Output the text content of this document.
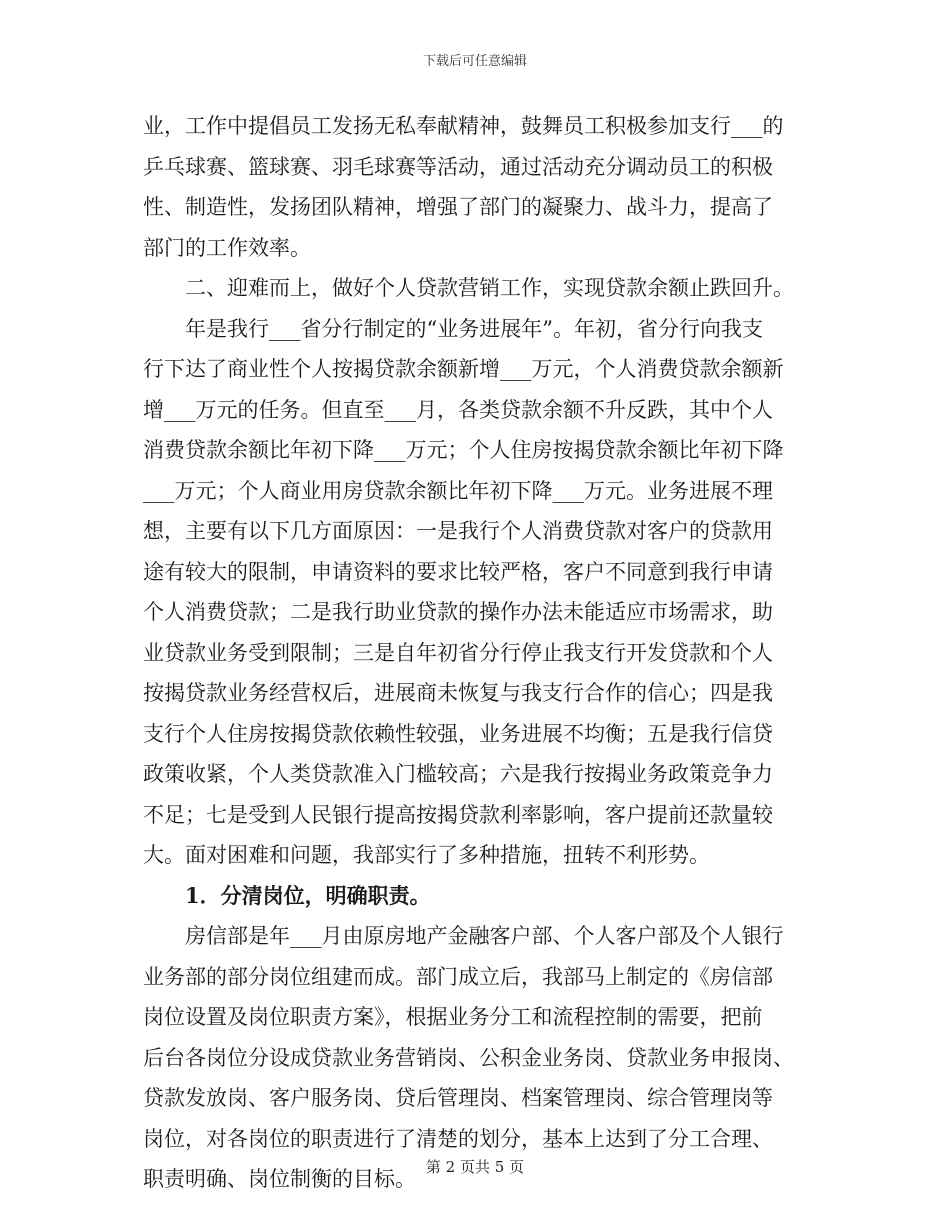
下载后可任意编辑
业，工作中提倡员工发扬无私奉献精神，鼓舞员工积极参加支行___的
乒乓球赛、篮球赛、羽毛球赛等活动，通过活动充分调动员工的积极
性、制造性，发扬团队精神，增强了部门的凝聚力、战斗力，提高了
部门的工作效率。
　　二、迎难而上，做好个人贷款营销工作，实现贷款余额止跌回升。
　　年是我行___省分行制定的“业务进展年”。年初，省分行向我支
行下达了商业性个人按揭贷款余额新增___万元，个人消费贷款余额新
增___万元的任务。但直至___月，各类贷款余额不升反跌，其中个人
消费贷款余额比年初下降___万元；个人住房按揭贷款余额比年初下降
___万元；个人商业用房贷款余额比年初下降___万元。业务进展不理
想，主要有以下几方面原因：一是我行个人消费贷款对客户的贷款用
途有较大的限制，申请资料的要求比较严格，客户不同意到我行申请
个人消费贷款；二是我行助业贷款的操作办法未能适应市场需求，助
业贷款业务受到限制；三是自年初省分行停止我支行开发贷款和个人
按揭贷款业务经营权后，进展商未恢复与我支行合作的信心；四是我
支行个人住房按揭贷款依赖性较强，业务进展不均衡；五是我行信贷
政策收紧，个人类贷款准入门槛较高；六是我行按揭业务政策竞争力
不足；七是受到人民银行提高按揭贷款利率影响，客户提前还款量较
大。面对困难和问题，我部实行了多种措施，扭转不利形势。
　　1．分清岗位，明确职责。
　　房信部是年___月由原房地产金融客户部、个人客户部及个人银行
业务部的部分岗位组建而成。部门成立后，我部马上制定的《房信部
岗位设置及岗位职责方案》，根据业务分工和流程控制的需要，把前
后台各岗位分设成贷款业务营销岗、公积金业务岗、贷款业务申报岗、
贷款发放岗、客户服务岗、贷后管理岗、档案管理岗、综合管理岗等
岗位，对各岗位的职责进行了清楚的划分，基本上达到了分工合理、
职责明确、岗位制衡的目标。 第 2 页共 5 页
